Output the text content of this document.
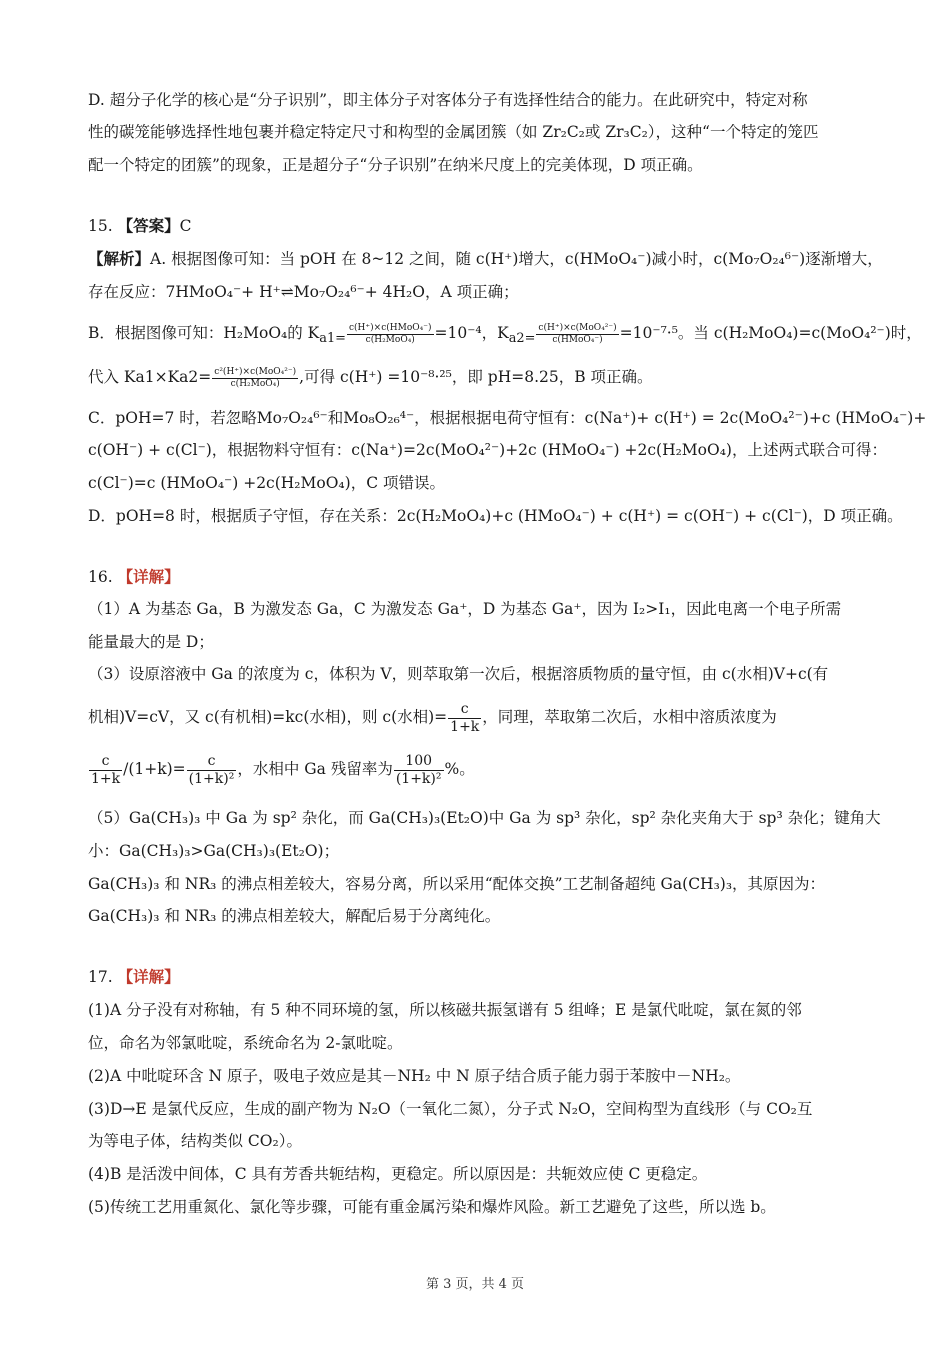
D. 超分子化学的核心是“分子识别”，即主体分子对客体分子有选择性结合的能力。在此研究中，特定对称
性的碳笼能够选择性地包裹并稳定特定尺寸和构型的金属团簇（如 Zr₂C₂或 Zr₃C₂），这种“一个特定的笼匹
配一个特定的团簇”的现象，正是超分子“分子识别”在纳米尺度上的完美体现，D 项正确。
15. 【答案】C
【解析】A. 根据图像可知：当 pOH 在 8~12 之间，随 c(H⁺)增大，c(HMoO₄⁻)减小时，c(Mo₇O₂₄⁶⁻)逐渐增大，
存在反应：7HMoO₄⁻+ H⁺⇌Mo₇O₂₄⁶⁻+ 4H₂O，A 项正确；
B．根据图像可知：H₂MoO₄的 $K_{a1=} \frac{\text{c(H⁺)×c(HMoO₄⁻)}}{\text{c(H₂MoO₄)}} =10^{-4}$，$K_{a2=} \frac{\text{c(H⁺)×c(MoO₄²⁻)}}{\text{c(HMoO₄⁻)}} =10^{-7}\cdot^5$。当 c(H₂MoO₄)=c(MoO₄²⁻)时，
代入 $Ka1\times Ka2= \frac{\text{c²(H⁺)×c(MoO₄²⁻)}}{\text{c(H₂MoO₄)}}$ ,可得 c(H⁺) =10⁻⁸·²⁵，即 pH=8.25，B 项正确。
C．pOH=7 时，若忽略Mo₇O₂₄⁶⁻和Mo₈O₂₆⁴⁻，根据根据电荷守恒有：c(Na⁺)+ c(H⁺) = 2c(MoO₄²⁻)+c (HMoO₄⁻)+
c(OH⁻) + c(Cl⁻)，根据物料守恒有：c(Na⁺)=2c(MoO₄²⁻)+2c (HMoO₄⁻) +2c(H₂MoO₄)，上述两式联合可得：
c(Cl⁻)=c (HMoO₄⁻) +2c(H₂MoO₄)，C 项错误。
D．pOH=8 时，根据质子守恒，存在关系：2c(H₂MoO₄)+c (HMoO₄⁻) + c(H⁺) = c(OH⁻) + c(Cl⁻)，D 项正确。
16. 【详解】
（1）A 为基态 Ga，B 为激发态 Ga，C 为激发态 Ga⁺，D 为基态 Ga⁺，因为 I₂>I₁，因此电离一个电子所需
能量最大的是 D；
（3）设原溶液中 Ga 的浓度为 c，体积为 V，则萃取第一次后，根据溶质物质的量守恒，由 c(水相)V+c(有
机相)V=cV，又 c(有机相)=kc(水相)，则 c(水相)= $\frac{c}{1+k}$ ，同理，萃取第二次后，水相中溶质浓度为
$\frac{c}{1+k} /(1+k)= \frac{c}{\text{(1+k)²}}$ ，水相中 Ga 残留率为 $\frac{100}{\text{(1+k)²}}$ %。
（5）Ga(CH₃)₃ 中 Ga 为 sp² 杂化，而 Ga(CH₃)₃(Et₂O)中 Ga 为 sp³ 杂化，sp² 杂化夹角大于 sp³ 杂化；键角大
小：Ga(CH₃)₃>Ga(CH₃)₃(Et₂O)；
Ga(CH₃)₃ 和 NR₃ 的沸点相差较大，容易分离，所以采用“配体交换”工艺制备超纯 Ga(CH₃)₃，其原因为：
Ga(CH₃)₃ 和 NR₃ 的沸点相差较大，解配后易于分离纯化。
17. 【详解】
(1)A 分子没有对称轴，有 5 种不同环境的氢，所以核磁共振氢谱有 5 组峰；E 是氯代吡啶，氯在氮的邻
位，命名为邻氯吡啶，系统命名为 2-氯吡啶。
(2)A 中吡啶环含 N 原子，吸电子效应是其－NH₂ 中 N 原子结合质子能力弱于苯胺中－NH₂。
(3)D→E 是氯代反应，生成的副产物为 N₂O（一氧化二氮），分子式 N₂O，空间构型为直线形（与 CO₂互
为等电子体，结构类似 CO₂）。
(4)B 是活泼中间体，C 具有芳香共轭结构，更稳定。所以原因是：共轭效应使 C 更稳定。
(5)传统工艺用重氮化、氯化等步骤，可能有重金属污染和爆炸风险。新工艺避免了这些，所以选 b。
第 3 页，共 4 页
